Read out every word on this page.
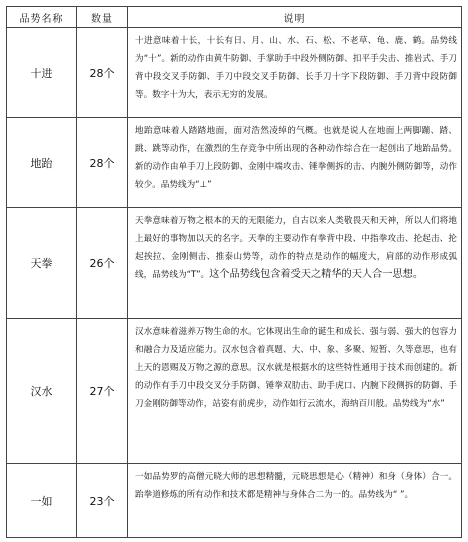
品势名称	数量	说明
十进	28个	十进意味着十长，十长有日、月、山、水、石、松、不老草、龟、鹿、鹤。品势线为“十”。新的动作由黄牛防御、手掌助手中段外侧防御、扣平手尖击、推岩式、手刀背中段交叉手防御、手刀中段交叉手防御、长手刀十字下段防御、手刀背中段防御等。数字十为大，表示无穷的发展。

地跆	28个	地跆意味着人踏踏地面，面对浩然凌绰的气概。也就是说人在地面上两脚蹦、踏、跳、跳等动作，在激烈的生存竞争中所出现的各种动作综合在一起创出了地跆品势。新的动作由单手刀上段防御、金刚中端攻击、锤拳侧拆的击、内腕外侧防御等，动作较少。品势线为“⊥”

天拳	26个	天拳意味着万物之根本的天的无限能力，自古以来人类敬畏天和天神，所以人们将地上最好的事物加以天的名字。天拳的主要动作有拳背中段、中指拳攻击、抡起击、抡起挨拉、金刚侧击、推泰山势等，动作的特点是动作的幅度大，肩部的动作形成弧线，品势线为“T”。这个品势线包含着受天之精华的天人合一思想。

汉水	27个	汉水意味着滋养万物生命的水。它体现出生命的诞生和成长、强与弱、强大的包容力和融合力及适应能力。汉水包含着真题、大、中、象、多聚、短暂、久等意思，也有上天的恩赐及万物之源的意思。汉水就是根据水的这些特性通用于技术而创建的。新的动作有手刀中段交叉分手防御、锤拳双肋击、助手虎口、内腕下段侧拆的防御、手刀金刚防御等动作，站姿有前虎步，动作如行云流水，海纳百川般。品势线为“水”

一如	23个	一如品势罗的高僧元晓大师的思想精髓，元晓思想是心（精神）和身（身体）合一。跆拳道修炼的所有动作和技术都是精神与身体合二为一的。品势线为“ ”。
